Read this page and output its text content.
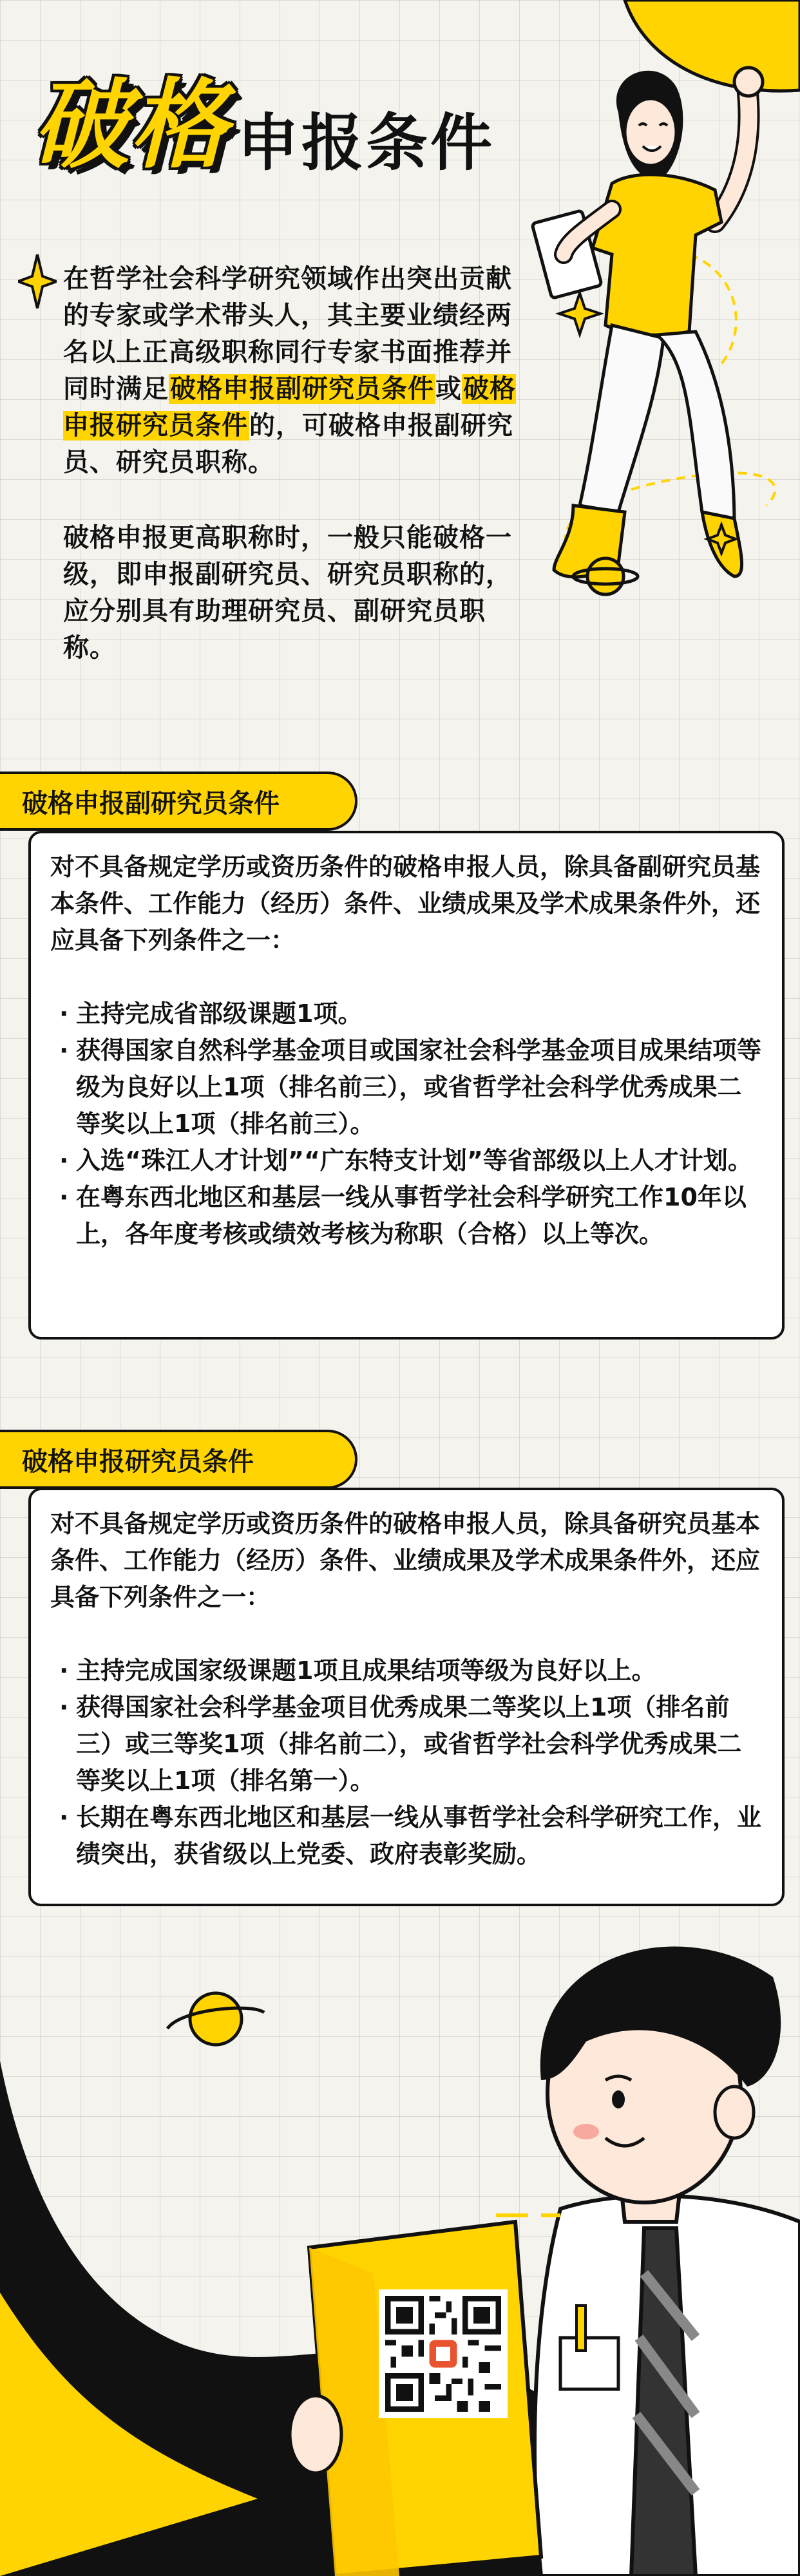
破格 申报条件

在哲学社会科学研究领域作出突出贡献的专家或学术带头人，其主要业绩经两名以上正高级职称同行专家书面推荐并同时满足破格申报副研究员条件或破格申报研究员条件的，可破格申报副研究员、研究员职称。

破格申报更高职称时，一般只能破格一级，即申报副研究员、研究员职称的，应分别具有助理研究员、副研究员职称。

破格申报副研究员条件

对不具备规定学历或资历条件的破格申报人员，除具备副研究员基本条件、工作能力（经历）条件、业绩成果及学术成果条件外，还应具备下列条件之一：

· 主持完成省部级课题1项。
· 获得国家自然科学基金项目或国家社会科学基金项目成果结项等级为良好以上1项（排名前三），或省哲学社会科学优秀成果二等奖以上1项（排名前三）。
· 入选“珠江人才计划”“广东特支计划”等省部级以上人才计划。
· 在粤东西北地区和基层一线从事哲学社会科学研究工作10年以上，各年度考核或绩效考核为称职（合格）以上等次。
破格申报研究员条件

对不具备规定学历或资历条件的破格申报人员，除具备研究员基本条件、工作能力（经历）条件、业绩成果及学术成果条件外，还应具备下列条件之一：

· 主持完成国家级课题1项且成果结项等级为良好以上。
· 获得国家社会科学基金项目优秀成果二等奖以上1项（排名前三）或三等奖1项（排名前二），或省哲学社会科学优秀成果二等奖以上1项（排名第一）。
· 长期在粤东西北地区和基层一线从事哲学社会科学研究工作，业绩突出，获省级以上党委、政府表彰奖励。
